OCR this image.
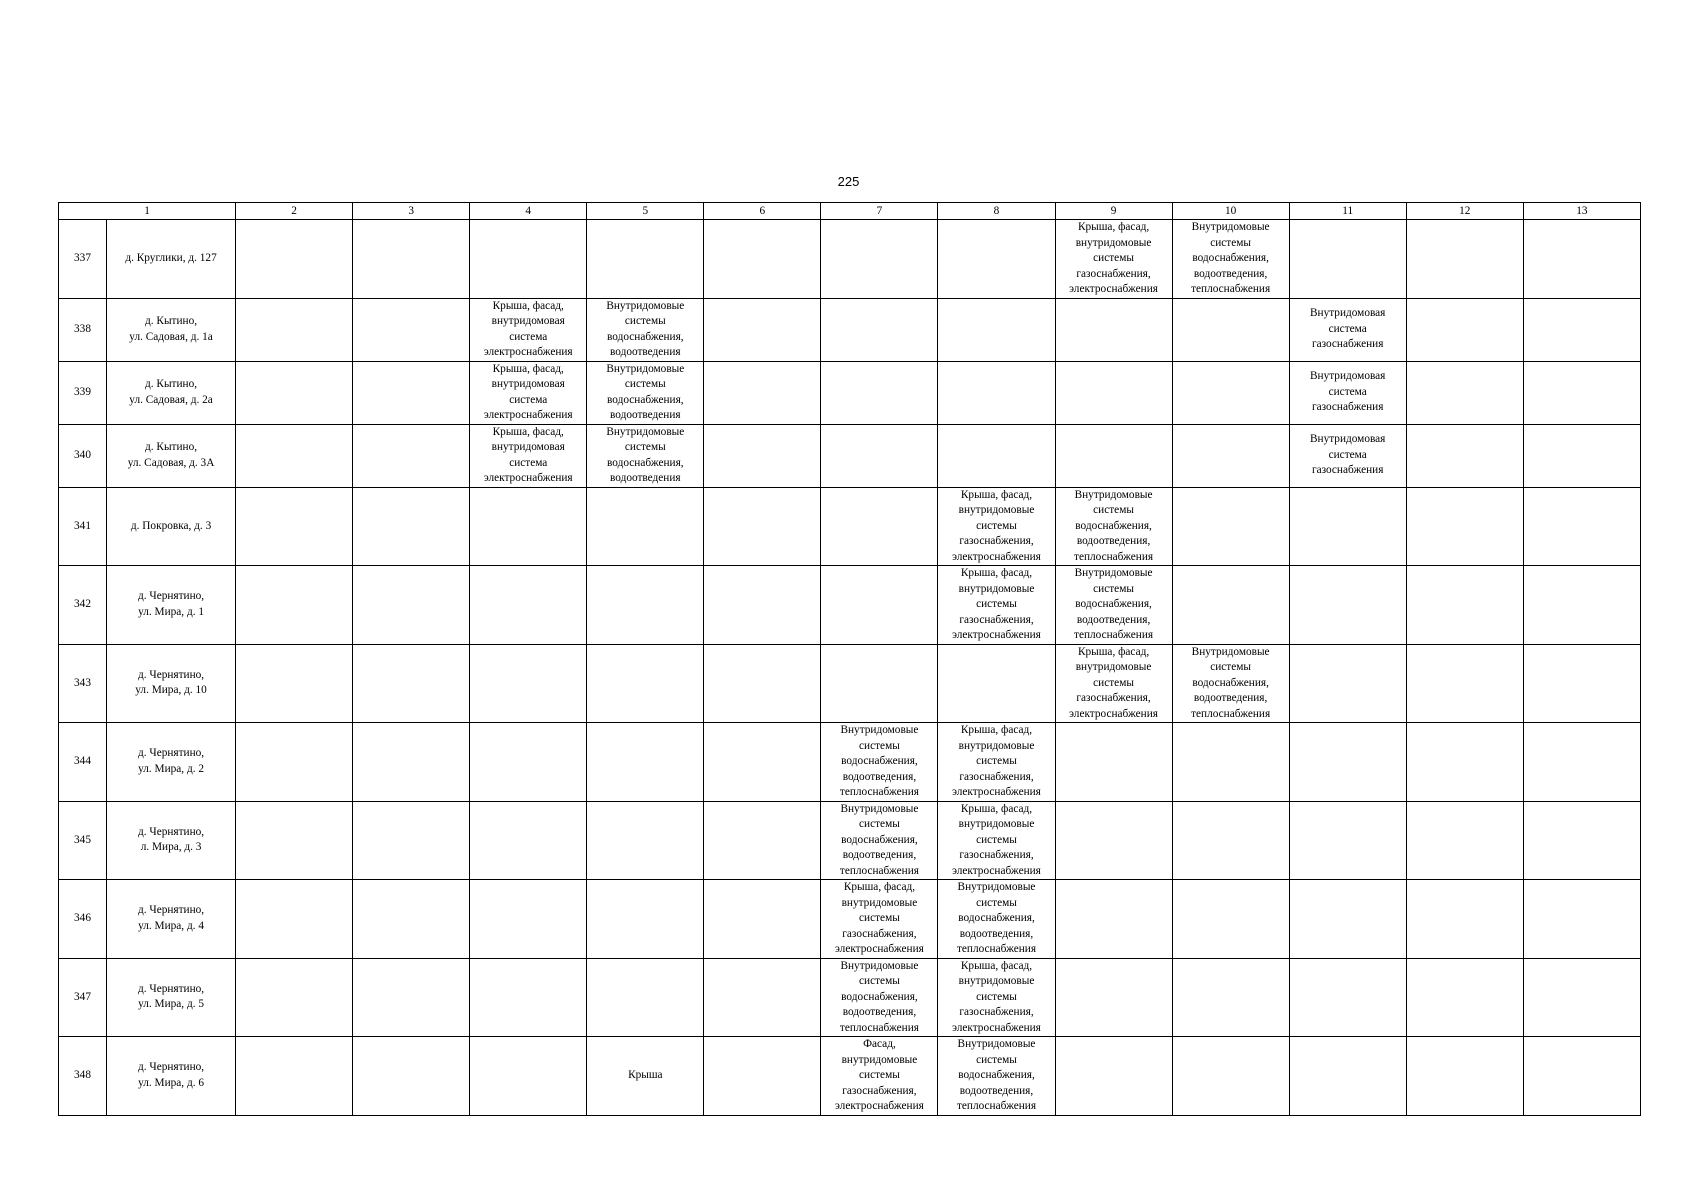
225
1		2	3	4	5	6	7	8	9	10	11	12	13
337	д. Круглики, д. 127								Крыша, фасад,
внутридомовые
системы
газоснабжения,
электроснабжения	Внутридомовые
системы
водоснабжения,
водоотведения,
теплоснабжения			

338	д. Кытино,
ул. Садовая, д. 1а			Крыша, фасад,
внутридомовая
система
электроснабжения	Внутридомовые
системы
водоснабжения,
водоотведения						Внутридомовая
система
газоснабжения		

339	д. Кытино,
ул. Садовая, д. 2а			Крыша, фасад,
внутридомовая
система
электроснабжения	Внутридомовые
системы
водоснабжения,
водоотведения						Внутридомовая
система
газоснабжения		

340	д. Кытино,
ул. Садовая, д. 3А			Крыша, фасад,
внутридомовая
система
электроснабжения	Внутридомовые
системы
водоснабжения,
водоотведения						Внутридомовая
система
газоснабжения		

341	д. Покровка, д. 3							Крыша, фасад,
внутридомовые
системы
газоснабжения,
электроснабжения	Внутридомовые
системы
водоснабжения,
водоотведения,
теплоснабжения				

342	д. Чернятино,
ул. Мира, д. 1							Крыша, фасад,
внутридомовые
системы
газоснабжения,
электроснабжения	Внутридомовые
системы
водоснабжения,
водоотведения,
теплоснабжения				

343	д. Чернятино,
ул. Мира, д. 10								Крыша, фасад,
внутридомовые
системы
газоснабжения,
электроснабжения	Внутридомовые
системы
водоснабжения,
водоотведения,
теплоснабжения			

344	д. Чернятино,
ул. Мира, д. 2						Внутридомовые
системы
водоснабжения,
водоотведения,
теплоснабжения	Крыша, фасад,
внутридомовые
системы
газоснабжения,
электроснабжения					

345	д. Чернятино,
л. Мира, д. 3						Внутридомовые
системы
водоснабжения,
водоотведения,
теплоснабжения	Крыша, фасад,
внутридомовые
системы
газоснабжения,
электроснабжения					

346	д. Чернятино,
ул. Мира, д. 4						Крыша, фасад,
внутридомовые
системы
газоснабжения,
электроснабжения	Внутридомовые
системы
водоснабжения,
водоотведения,
теплоснабжения					

347	д. Чернятино,
ул. Мира, д. 5						Внутридомовые
системы
водоснабжения,
водоотведения,
теплоснабжения	Крыша, фасад,
внутридомовые
системы
газоснабжения,
электроснабжения					

348	д. Чернятино,
ул. Мира, д. 6				Крыша		Фасад,
внутридомовые
системы
газоснабжения,
электроснабжения	Внутридомовые
системы
водоснабжения,
водоотведения,
теплоснабжения					
